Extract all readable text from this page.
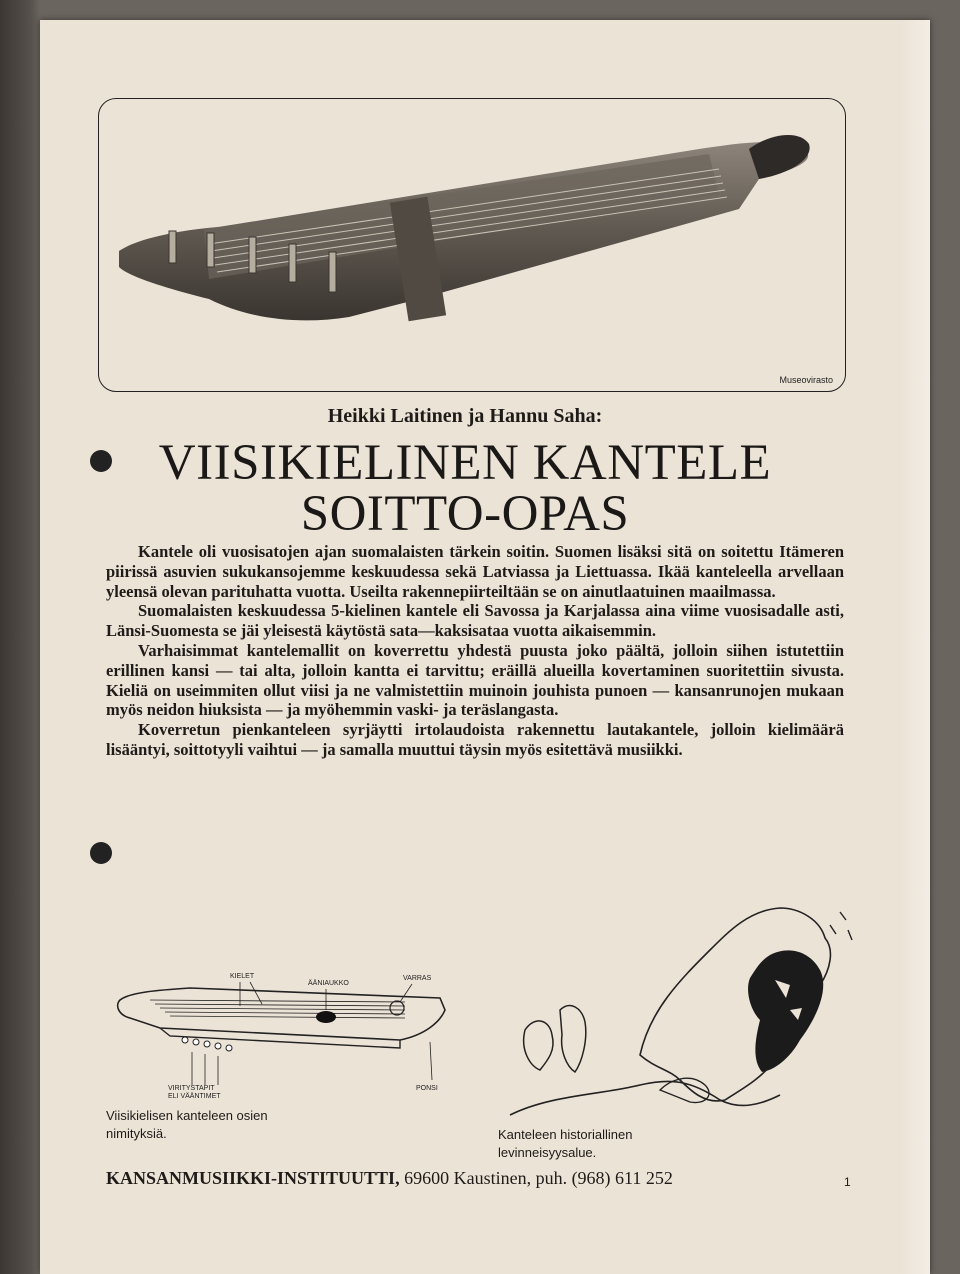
Museovirasto
Heikki Laitinen ja Hannu Saha:
VIISIKIELINEN KANTELE
SOITTO-OPAS

Kantele oli vuosisatojen ajan suomalaisten tärkein soitin. Suomen lisäksi sitä on soitettu Itämeren piirissä asuvien sukukansojemme keskuudessa sekä Latviassa ja Liettuassa. Ikää kanteleella arvellaan yleensä olevan parituhatta vuotta. Useilta rakennepiirteiltään se on ainutlaatuinen maailmassa.

Suomalaisten keskuudessa 5-kielinen kantele eli Savossa ja Karjalassa aina viime vuosisadalle asti, Länsi-Suomesta se jäi yleisestä käytöstä sata—kaksisataa vuotta aikaisemmin.

Varhaisimmat kantelemallit on koverrettu yhdestä puusta joko päältä, jolloin siihen istutettiin erillinen kansi — tai alta, jolloin kantta ei tarvittu; eräillä alueilla kovertaminen suoritettiin sivusta. Kieliä on useimmiten ollut viisi ja ne valmistettiin muinoin jouhista punoen — kansanrunojen mukaan myös neidon hiuksista — ja myöhemmin vaski- ja teräslangasta.

Koverretun pienkanteleen syrjäytti irtolaudoista rakennettu lautakantele, jolloin kielimäärä lisääntyi, soittotyyli vaihtui — ja samalla muuttui täysin myös esitettävä musiikki.

KIELET
ÄÄNIAUKKO
VARRAS
VIRITYSTAPIT
ELI VÄÄNTIMET
PONSI
Viisikielisen kanteleen osien
nimityksiä.	Kanteleen historiallinen
levinneisyysalue.
KANSANMUSIIKKI-INSTITUUTTI, 69600 Kaustinen, puh. (968) 611 252	1
